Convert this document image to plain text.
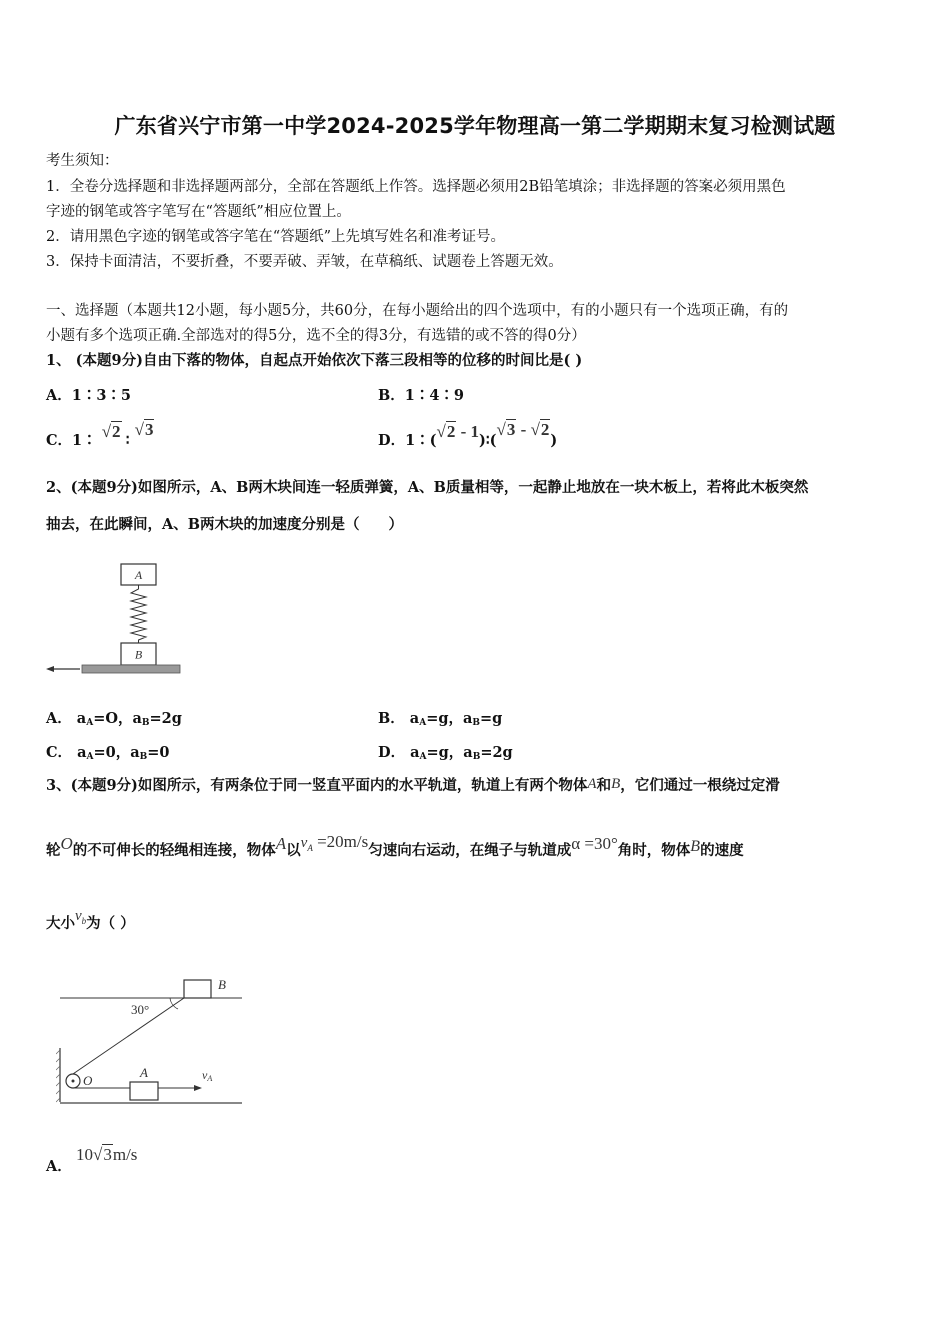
广东省兴宁市第一中学2024-2025学年物理高一第二学期期末复习检测试题
考生须知：
1．全卷分选择题和非选择题两部分，全部在答题纸上作答。选择题必须用2B铅笔填涂；非选择题的答案必须用黑色
字迹的钢笔或答字笔写在“答题纸”相应位置上。
2．请用黑色字迹的钢笔或答字笔在“答题纸”上先填写姓名和准考证号。
3．保持卡面清洁，不要折叠，不要弄破、弄皱，在草稿纸、试题卷上答题无效。
一、选择题（本题共12小题，每小题5分，共60分，在每小题给出的四个选项中，有的小题只有一个选项正确，有的
小题有多个选项正确.全部选对的得5分，选不全的得3分，有选错的或不答的得0分）
1、 (本题9分)自由下落的物体，自起点开始依次下落三段相等的位移的时间比是( )
A．1∶3∶5	B．1∶4∶9
C．1∶ √2 ∶ √3
D．1∶(√2 - 1)∶(√3 - √2)
2、(本题9分)如图所示，A、B两木块间连一轻质弹簧，A、B质量相等，一起静止地放在一块木板上，若将此木板突然
抽去，在此瞬间，A、B两木块的加速度分别是（　　）
A
B
A． $a_A=O$，$a_B=2g$	B． $a_A=g$，$a_B=g$
C． $a_A=0$，$a_B=0$	D． $a_A=g$，$a_B=2g$
3、(本题9分)如图所示，有两条位于同一竖直平面内的水平轨道，轨道上有两个物体A和B，它们通过一根绕过定滑
轮O的不可伸长的轻绳相连接，物体A以$v_A =20m/s$匀速向右运动，在绳子与轨道成α =30°角时，物体B的速度
大小$v_b$为（ ）
B
30°
O
A	vA
A．
10√3m/s
